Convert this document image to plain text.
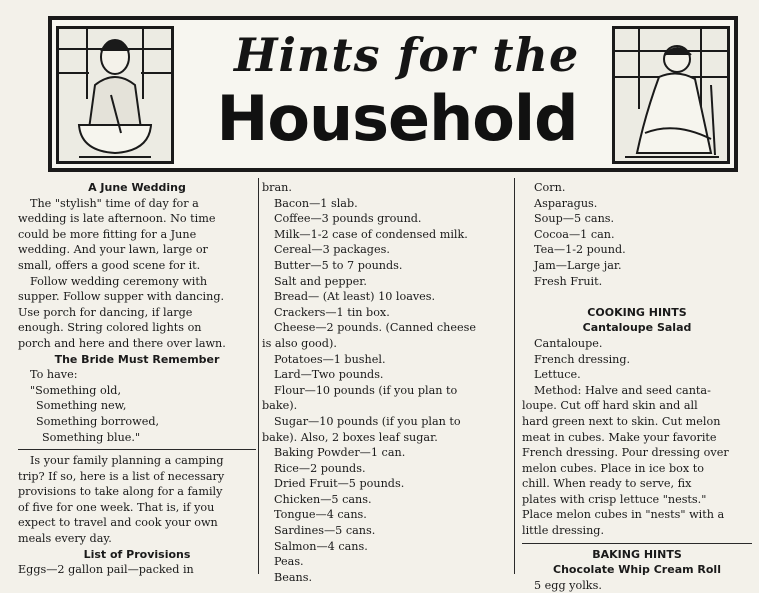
Hints for the
Household
A June Wedding
The "stylish" time of day for a
wedding is late afternoon. No time
could be more fitting for a June
wedding. And your lawn, large or
small, offers a good scene for it.
Follow wedding ceremony with
supper. Follow supper with dancing.
Use porch for dancing, if large
enough. String colored lights on
porch and here and there over lawn.
The Bride Must Remember
To have:
"Something old,
Something new,
Something borrowed,
Something blue."
Is your family planning a camping
trip? If so, here is a list of necessary
provisions to take along for a family
of five for one week. That is, if you
expect to travel and cook your own
meals every day.
List of Provisions
Eggs—2 gallon pail—packed in
bran.
Bacon—1 slab.
Coffee—3 pounds ground.
Milk—1-2 case of condensed milk.
Cereal—3 packages.
Butter—5 to 7 pounds.
Salt and pepper.
Bread— (At least) 10 loaves.
Crackers—1 tin box.
Cheese—2 pounds. (Canned cheese
is also good).
Potatoes—1 bushel.
Lard—Two pounds.
Flour—10 pounds (if you plan to
bake).
Sugar—10 pounds (if you plan to
bake). Also, 2 boxes leaf sugar.
Baking Powder—1 can.
Rice—2 pounds.
Dried Fruit—5 pounds.
Chicken—5 cans.
Tongue—4 cans.
Sardines—5 cans.
Salmon—4 cans.
Peas.
Beans.
Corn.
Asparagus.
Soup—5 cans.
Cocoa—1 can.
Tea—1-2 pound.
Jam—Large jar.
Fresh Fruit.
COOKING HINTS
Cantaloupe Salad
Cantaloupe.
French dressing.
Lettuce.
Method: Halve and seed canta-
loupe. Cut off hard skin and all
hard green next to skin. Cut melon
meat in cubes. Make your favorite
French dressing. Pour dressing over
melon cubes. Place in ice box to
chill. When ready to serve, fix
plates with crisp lettuce "nests."
Place melon cubes in "nests" with a
little dressing.
BAKING HINTS
Chocolate Whip Cream Roll
5 egg yolks.
